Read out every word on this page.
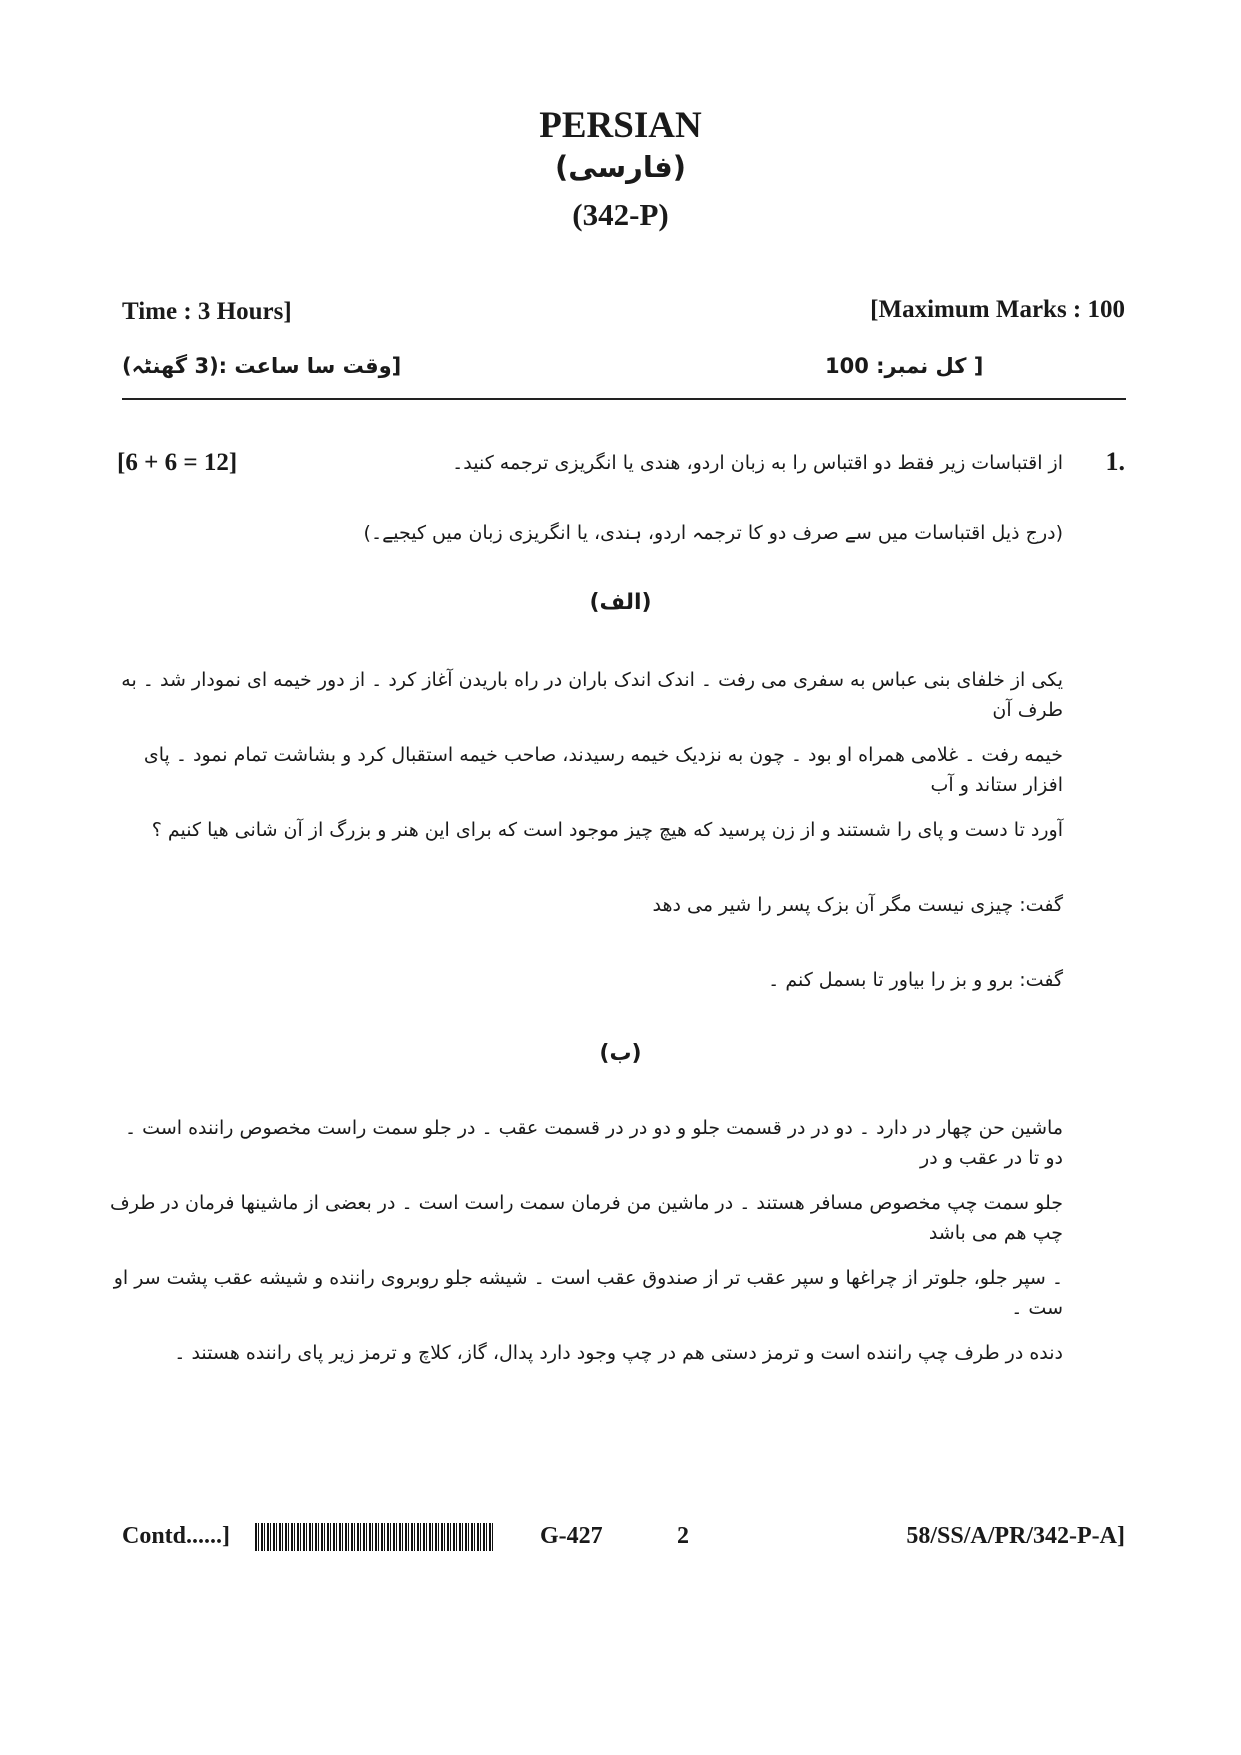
PERSIAN
(فارسی)
(342-P)
Time : 3 Hours]	[Maximum Marks : 100
[وقت سا ساعت :(3 گھنٹہ)	کل نمبر: 100 ]
1.
[6 + 6 = 12]	از اقتباسات زیر فقط دو اقتباس را به زبان اردو، هندی یا انگریزی ترجمه کنید۔
(درج ذیل اقتباسات میں سے صرف دو کا ترجمہ اردو، ہندی، یا انگریزی زبان میں کیجیے۔)
(الف)
یکی از خلفای بنی عباس به سفری می رفت ۔ اندک اندک باران در راه باریدن آغاز کرد ۔ از دور خیمه ای نمودار شد ۔ به طرف آن
خیمه رفت ۔ غلامی همراه او بود ۔ چون به نزدیک خیمه رسیدند، صاحب خیمه استقبال کرد و بشاشت تمام نمود ۔ پای افزار ستاند و آب
آورد تا دست و پای را شستند و از زن پرسید که هیچ چیز موجود است که برای این هنر و بزرگ از آن شانی هیا کنیم ؟
گفت: چیزی نیست مگر آن بزک پسر را شیر می دهد
گفت: برو و بز را بیاور تا بسمل کنم ۔
(ب)
ماشین حن چهار در دارد ۔ دو در در قسمت جلو و دو در در قسمت عقب ۔ در جلو سمت راست مخصوص راننده است ۔ دو تا در عقب و در
جلو سمت چپ مخصوص مسافر هستند ۔ در ماشین من فرمان سمت راست است ۔ در بعضی از ماشینها فرمان در طرف چپ هم می باشد
۔ سپر جلو، جلوتر از چراغها و سپر عقب تر از صندوق عقب است ۔ شیشه جلو روبروی راننده و شیشه عقب پشت سر او ست ۔
دنده در طرف چپ راننده است و ترمز دستی هم در چپ وجود دارد پدال، گاز، کلاچ و ترمز زیر پای راننده هستند ۔
Contd......]	G-427	2	58/SS/A/PR/342-P-A]
